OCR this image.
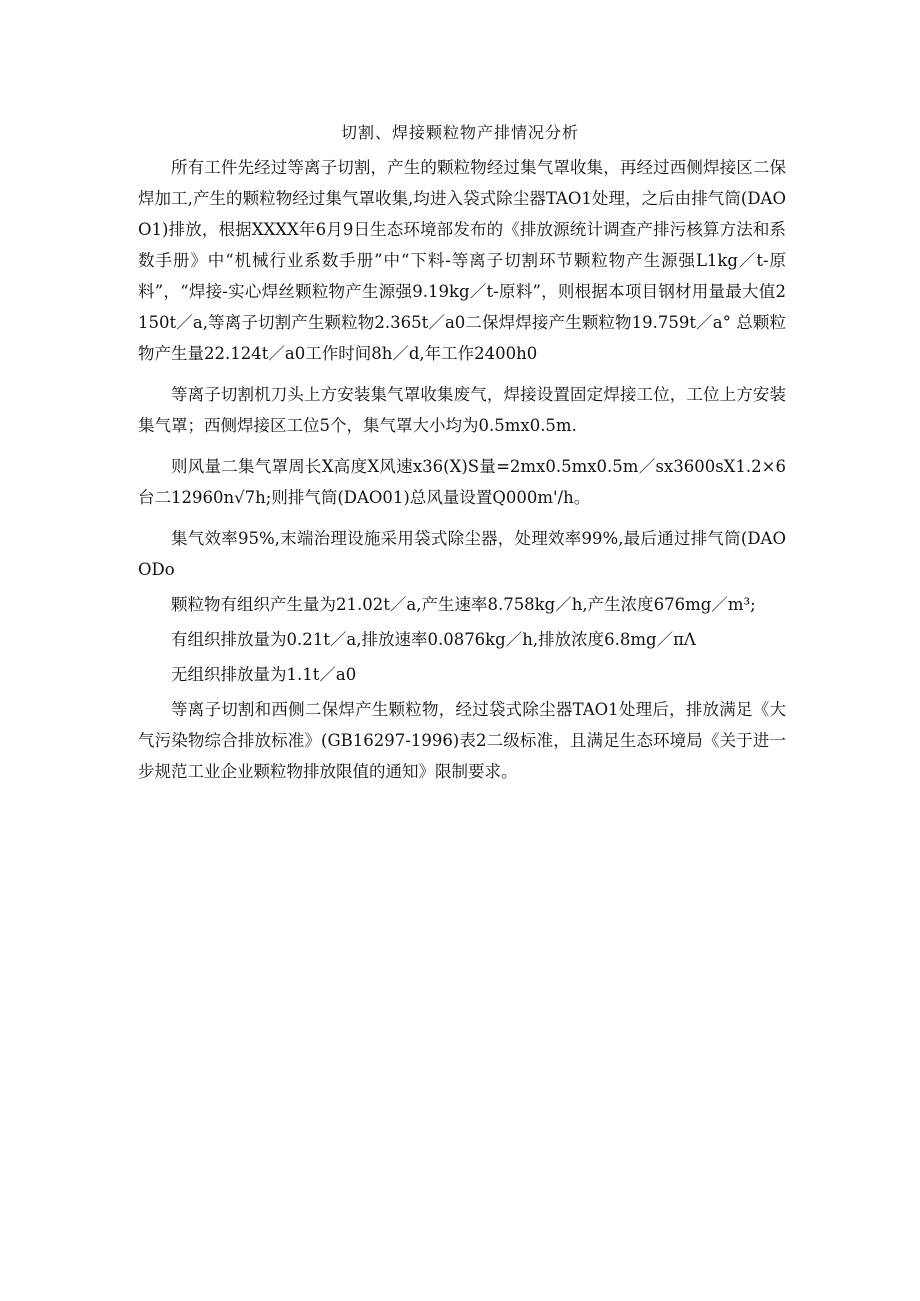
切割、焊接颗粒物产排情况分析

所有工件先经过等离子切割，产生的颗粒物经过集气罩收集，再经过西侧焊接区二保焊加工,产生的颗粒物经过集气罩收集,均进入袋式除尘器TAO1处理，之后由排气筒(DAOO1)排放，根据XXXX年6月9日生态环境部发布的《排放源统计调查产排污核算方法和系数手册》中“机械行业系数手册”中“下料-等离子切割环节颗粒物产生源强L1kg／t-原料”，“焊接-实心焊丝颗粒物产生源强9.19kg／t-原料”，则根据本项目钢材用量最大值2150t／a,等离子切割产生颗粒物2.365t／a0二保焊焊接产生颗粒物19.759t／a° 总颗粒物产生量22.124t／a0工作时间8h／d,年工作2400h0

等离子切割机刀头上方安装集气罩收集废气，焊接设置固定焊接工位，工位上方安装集气罩；西侧焊接区工位5个，集气罩大小均为0.5mx0.5m.

则风量二集气罩周长X高度X风速x36(X)S量=2mx0.5mx0.5m／sx3600sX1.2×6台二12960n√7h;则排气筒(DAO01)总风量设置Q000m'/h。

集气效率95%,末端治理设施采用袋式除尘器，处理效率99%,最后通过排气筒(DAOODo

颗粒物有组织产生量为21.02t／a,产生速率8.758kg／h,产生浓度676mg／m³;

有组织排放量为0.21t／a,排放速率0.0876kg／h,排放浓度6.8mg／πΛ

无组织排放量为1.1t／a0

等离子切割和西侧二保焊产生颗粒物，经过袋式除尘器TAO1处理后，排放满足《大气污染物综合排放标准》(GB16297-1996)表2二级标准，且满足生态环境局《关于进一步规范工业企业颗粒物排放限值的通知》限制要求。
